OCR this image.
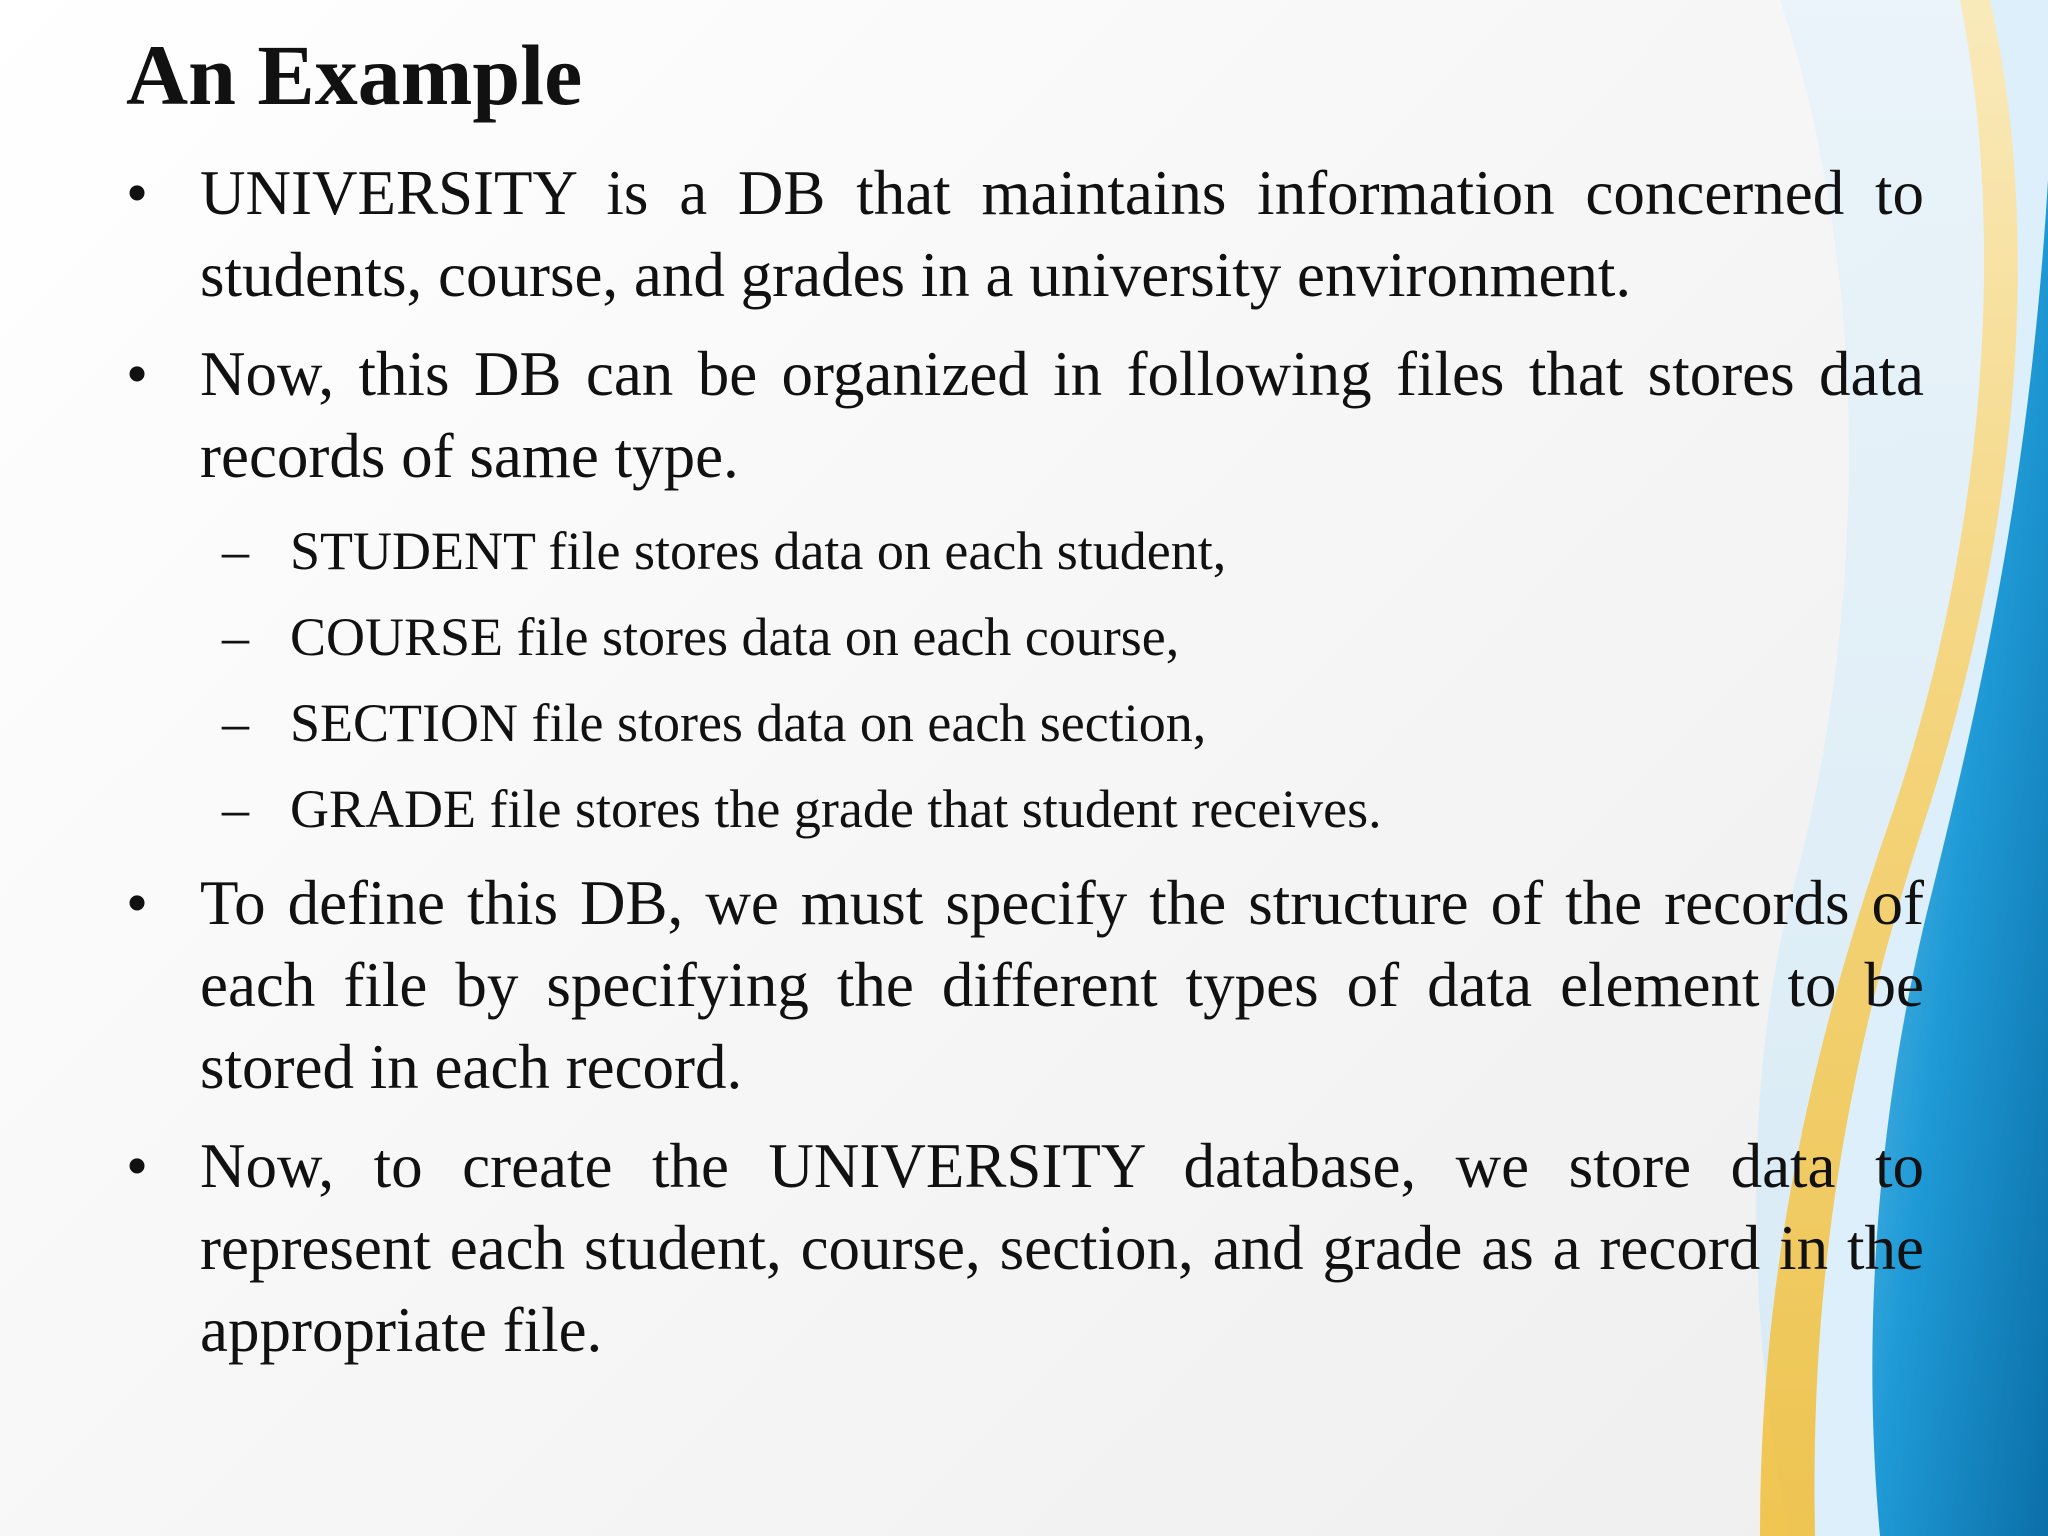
An Example
• UNIVERSITY is a DB that maintains information concerned to students, course, and grades in a university environment.
• Now, this DB can be organized in following files that stores data records of same type.
– STUDENT file stores data on each student,
– COURSE file stores data on each course,
– SECTION file stores data on each section,
– GRADE file stores the grade that student receives.
• To define this DB, we must specify the structure of the records of each file by specifying the different types of data element to be stored in each record.
• Now, to create the UNIVERSITY database, we store data to represent each student, course, section, and grade as a record in the appropriate file.
